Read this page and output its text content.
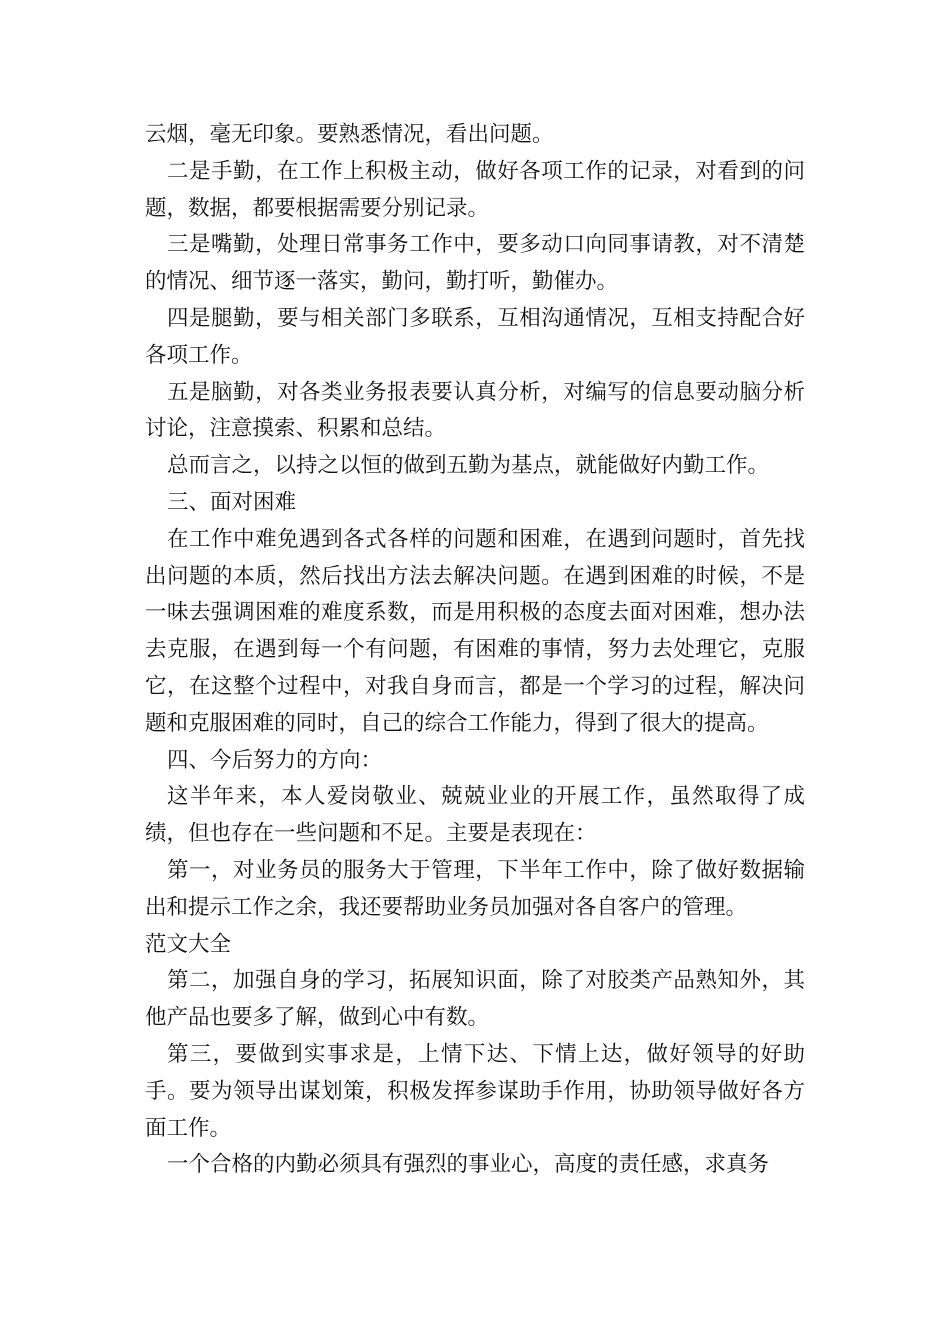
云烟，毫无印象。要熟悉情况，看出问题。

二是手勤，在工作上积极主动，做好各项工作的记录，对看到的问题，数据，都要根据需要分别记录。

三是嘴勤，处理日常事务工作中，要多动口向同事请教，对不清楚的情况、细节逐一落实，勤问，勤打听，勤催办。

四是腿勤，要与相关部门多联系，互相沟通情况，互相支持配合好各项工作。

五是脑勤，对各类业务报表要认真分析，对编写的信息要动脑分析讨论，注意摸索、积累和总结。

总而言之，以持之以恒的做到五勤为基点，就能做好内勤工作。

三、面对困难

在工作中难免遇到各式各样的问题和困难，在遇到问题时，首先找出问题的本质，然后找出方法去解决问题。在遇到困难的时候，不是一味去强调困难的难度系数，而是用积极的态度去面对困难，想办法去克服，在遇到每一个有问题，有困难的事情，努力去处理它，克服它，在这整个过程中，对我自身而言，都是一个学习的过程，解决问题和克服困难的同时，自己的综合工作能力，得到了很大的提高。

四、今后努力的方向：

这半年来，本人爱岗敬业、兢兢业业的开展工作，虽然取得了成绩，但也存在一些问题和不足。主要是表现在：

第一，对业务员的服务大于管理，下半年工作中，除了做好数据输出和提示工作之余，我还要帮助业务员加强对各自客户的管理。

范文大全

第二，加强自身的学习，拓展知识面，除了对胶类产品熟知外，其他产品也要多了解，做到心中有数。

第三，要做到实事求是，上情下达、下情上达，做好领导的好助手。要为领导出谋划策，积极发挥参谋助手作用，协助领导做好各方面工作。

一个合格的内勤必须具有强烈的事业心，高度的责任感，求真务
